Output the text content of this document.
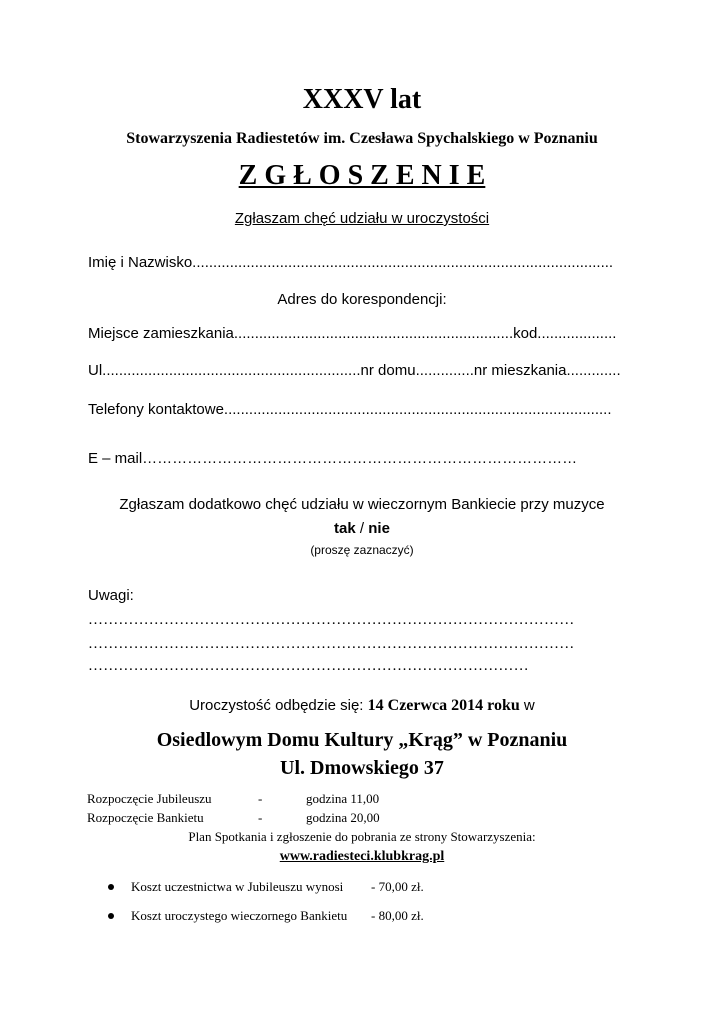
XXXV lat
Stowarzyszenia Radiestetów im. Czesława Spychalskiego w Poznaniu
Z G Ł O S Z E N I E
Zgłaszam chęć udziału w uroczystości
Imię i Nazwisko.....................................................................................................
Adres do korespondencji:
Miejsce zamieszkania...................................................................kod...................
Ul..............................................................nr domu..............nr mieszkania.............
Telefony kontaktowe.............................................................................................
E – mail……………………………………………………………………………
Zgłaszam dodatkowo chęć udziału w wieczornym Bankiecie przy muzyce
tak / nie
(proszę zaznaczyć)
Uwagi:
……………………………………………………………………………………
……………………………………………………………………………………
……………………………………………………………………………
Uroczystość odbędzie się: 14 Czerwca 2014 roku w
Osiedlowym Domu Kultury „Krąg” w Poznaniu
Ul. Dmowskiego 37
Rozpoczęcie Jubileuszu	-	godzina 11,00
Rozpoczęcie Bankietu	-	godzina 20,00
Plan Spotkania i zgłoszenie do pobrania ze strony Stowarzyszenia:
www.radiesteci.klubkrag.pl
Koszt uczestnictwa w Jubileuszu wynosi - 70,00 zł.
Koszt uroczystego wieczornego Bankietu - 80,00 zł.
